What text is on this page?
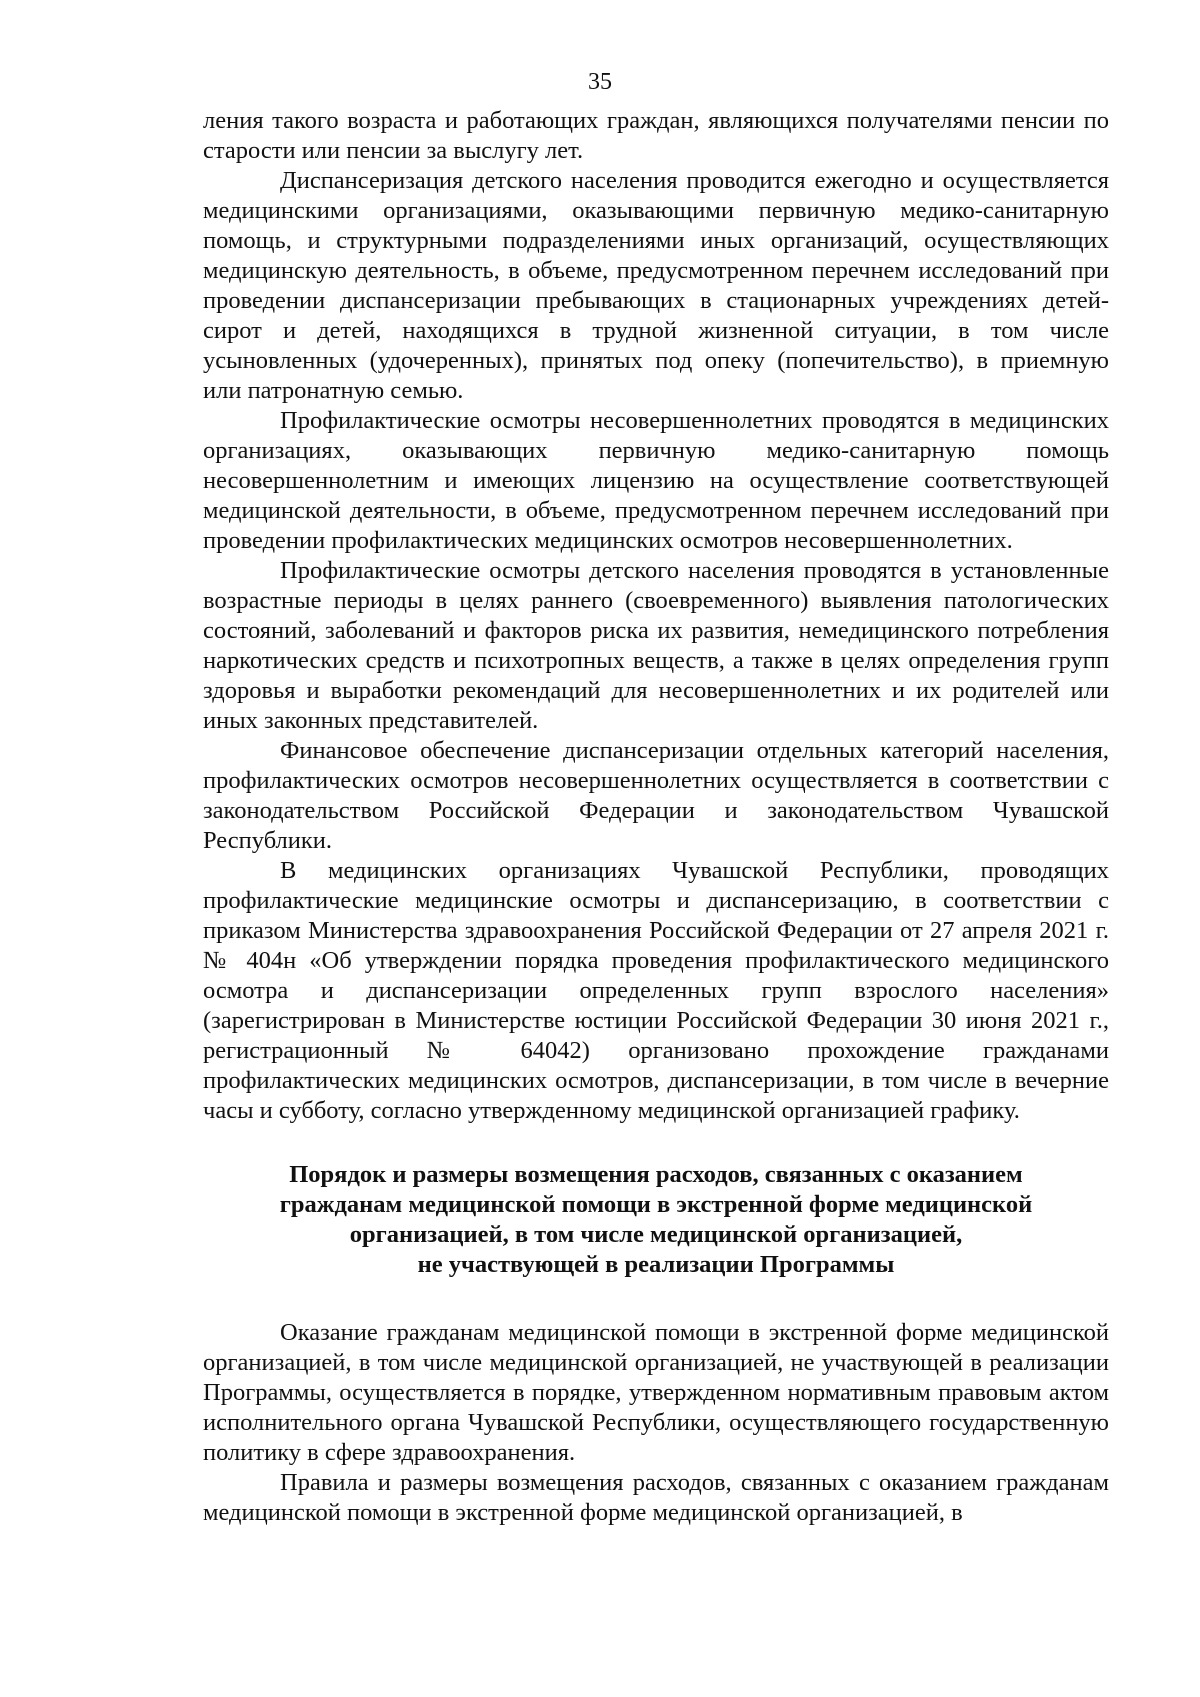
35

ления такого возраста и работающих граждан, являющихся получателями пенсии по старости или пенсии за выслугу лет.

Диспансеризация детского населения проводится ежегодно и осуществляется медицинскими организациями, оказывающими первичную медико-санитарную помощь, и структурными подразделениями иных организаций, осуществляющих медицинскую деятельность, в объеме, предусмотренном перечнем исследований при проведении диспансеризации пребывающих в стационарных учреждениях детей-сирот и детей, находящихся в трудной жизненной ситуации, в том числе усыновленных (удочеренных), принятых под опеку (попечительство), в приемную или патронатную семью.

Профилактические осмотры несовершеннолетних проводятся в медицинских организациях, оказывающих первичную медико-санитарную помощь несовершеннолетним и имеющих лицензию на осуществление соответствующей медицинской деятельности, в объеме, предусмотренном перечнем исследований при проведении профилактических медицинских осмотров несовершеннолетних.

Профилактические осмотры детского населения проводятся в установленные возрастные периоды в целях раннего (своевременного) выявления патологических состояний, заболеваний и факторов риска их развития, немедицинского потребления наркотических средств и психотропных веществ, а также в целях определения групп здоровья и выработки рекомендаций для несовершеннолетних и их родителей или иных законных представителей.

Финансовое обеспечение диспансеризации отдельных категорий населения, профилактических осмотров несовершеннолетних осуществляется в соответствии с законодательством Российской Федерации и законодательством Чувашской Республики.

В медицинских организациях Чувашской Республики, проводящих профилактические медицинские осмотры и диспансеризацию, в соответствии с приказом Министерства здравоохранения Российской Федерации от 27 апреля 2021 г. № 404н «Об утверждении порядка проведения профилактического медицинского осмотра и диспансеризации определенных групп взрослого населения» (зарегистрирован в Министерстве юстиции Российской Федерации 30 июня 2021 г., регистрационный № 64042) организовано прохождение гражданами профилактических медицинских осмотров, диспансеризации, в том числе в вечерние часы и субботу, согласно утвержденному медицинской организацией графику.

Порядок и размеры возмещения расходов, связанных с оказанием
гражданам медицинской помощи в экстренной форме медицинской
организацией, в том числе медицинской организацией,
не участвующей в реализации Программы

Оказание гражданам медицинской помощи в экстренной форме медицинской организацией, в том числе медицинской организацией, не участвующей в реализации Программы, осуществляется в порядке, утвержденном нормативным правовым актом исполнительного органа Чувашской Республики, осуществляющего государственную политику в сфере здравоохранения.

Правила и размеры возмещения расходов, связанных с оказанием гражданам медицинской помощи в экстренной форме медицинской организацией, в
